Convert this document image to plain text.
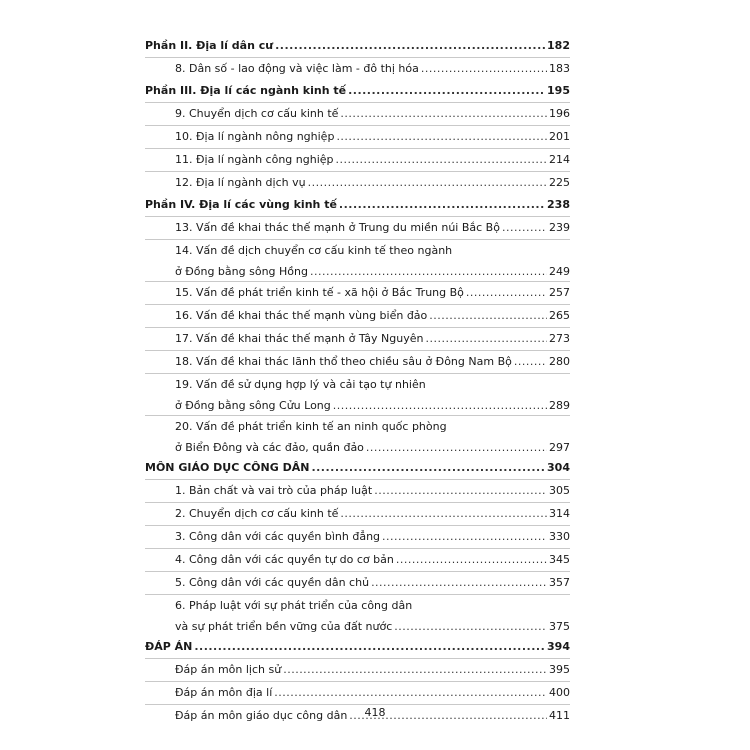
Phần II. Địa lí dân cư .....	182
8. Dân số - lao động và việc làm - đô thị hóa .....	183
Phần III. Địa lí các ngành kinh tế .....	195
9. Chuyển dịch cơ cấu kinh tế .....	196
10. Địa lí ngành nông nghiệp .....	201
11. Địa lí ngành công nghiệp .....	214
12. Địa lí ngành dịch vụ .....	225
Phần IV. Địa lí các vùng kinh tế .....	238
13. Vấn đề khai thác thế mạnh ở Trung du miền núi Bắc Bộ .....	239
14. Vấn đề dịch chuyển cơ cấu kinh tế theo ngành
ở Đồng bằng sông Hồng .....	249
15. Vấn đề phát triển kinh tế - xã hội ở Bắc Trung Bộ .....	257
16. Vấn đề khai thác thế mạnh vùng biển đảo .....	265
17. Vấn đề khai thác thế mạnh ở Tây Nguyên .....	273
18. Vấn đề khai thác lãnh thổ theo chiều sâu ở Đông Nam Bộ .....	280
19. Vấn đề sử dụng hợp lý và cải tạo tự nhiên
ở Đồng bằng sông Cửu Long .....	289
20. Vấn đề phát triển kinh tế an ninh quốc phòng
ở Biển Đông và các đảo, quần đảo .....	297
MÔN GIÁO DỤC CÔNG DÂN .....	304
1. Bản chất và vai trò của pháp luật .....	305
2. Chuyển dịch cơ cấu kinh tế .....	314
3. Công dân với các quyền bình đẳng .....	330
4. Công dân với các quyền tự do cơ bản .....	345
5. Công dân với các quyền dân chủ .....	357
6. Pháp luật với sự phát triển của công dân
và sự phát triển bền vững của đất nước .....	375
ĐÁP ÁN .....	394
Đáp án môn lịch sử .....	395
Đáp án môn địa lí .....	400
Đáp án môn giáo dục công dân .....	411
418
